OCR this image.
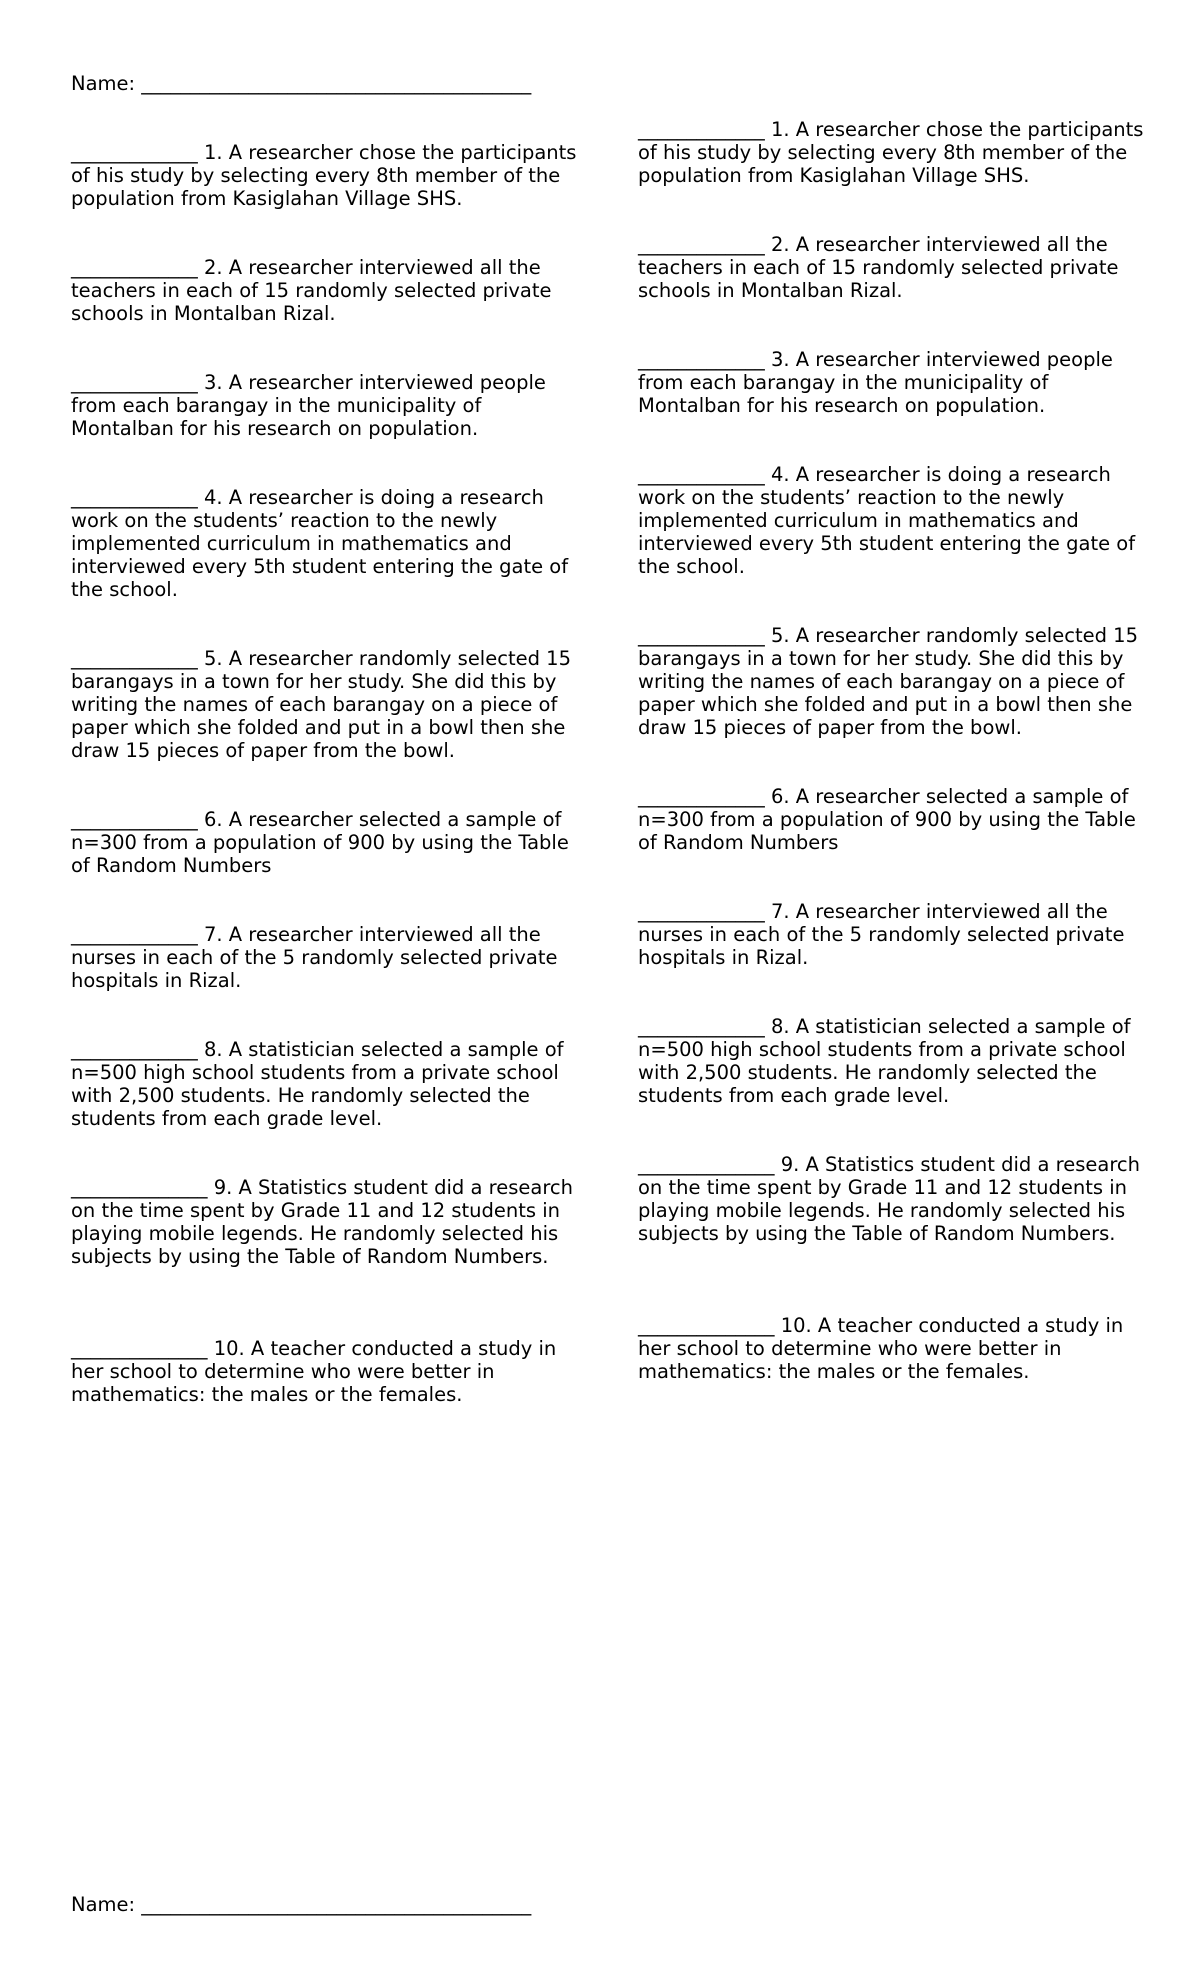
Name: ________________________________________

_____________ 1. A researcher chose the participants of his study by selecting every 8th member of the population from Kasiglahan Village SHS.

_____________ 2. A researcher interviewed all the teachers in each of 15 randomly selected private schools in Montalban Rizal.

_____________ 3. A researcher interviewed people from each barangay in the municipality of Montalban for his research on population.

_____________ 4. A researcher is doing a research work on the students’ reaction to the newly implemented curriculum in mathematics and interviewed every 5th student entering the gate of the school.

_____________ 5. A researcher randomly selected 15 barangays in a town for her study. She did this by writing the names of each barangay on a piece of paper which she folded and put in a bowl then she draw 15 pieces of paper from the bowl.

_____________ 6. A researcher selected a sample of n=300 from a population of 900 by using the Table of Random Numbers

_____________ 7. A researcher interviewed all the nurses in each of the 5 randomly selected private hospitals in Rizal.

_____________ 8. A statistician selected a sample of n=500 high school students from a private school with 2,500 students. He randomly selected the students from each grade level.

______________ 9. A Statistics student did a research on the time spent by Grade 11 and 12 students in playing mobile legends. He randomly selected his subjects by using the Table of Random Numbers.

______________ 10. A teacher conducted a study in her school to determine who were better in mathematics: the males or the females.

_____________ 1. A researcher chose the participants of his study by selecting every 8th member of the population from Kasiglahan Village SHS.

_____________ 2. A researcher interviewed all the teachers in each of 15 randomly selected private schools in Montalban Rizal.

_____________ 3. A researcher interviewed people from each barangay in the municipality of Montalban for his research on population.

_____________ 4. A researcher is doing a research work on the students’ reaction to the newly implemented curriculum in mathematics and interviewed every 5th student entering the gate of the school.

_____________ 5. A researcher randomly selected 15 barangays in a town for her study. She did this by writing the names of each barangay on a piece of paper which she folded and put in a bowl then she draw 15 pieces of paper from the bowl.

_____________ 6. A researcher selected a sample of n=300 from a population of 900 by using the Table of Random Numbers

_____________ 7. A researcher interviewed all the nurses in each of the 5 randomly selected private hospitals in Rizal.

_____________ 8. A statistician selected a sample of n=500 high school students from a private school with 2,500 students. He randomly selected the students from each grade level.

______________ 9. A Statistics student did a research on the time spent by Grade 11 and 12 students in playing mobile legends. He randomly selected his subjects by using the Table of Random Numbers.

______________ 10. A teacher conducted a study in her school to determine who were better in mathematics: the males or the females.

Name: ________________________________________
